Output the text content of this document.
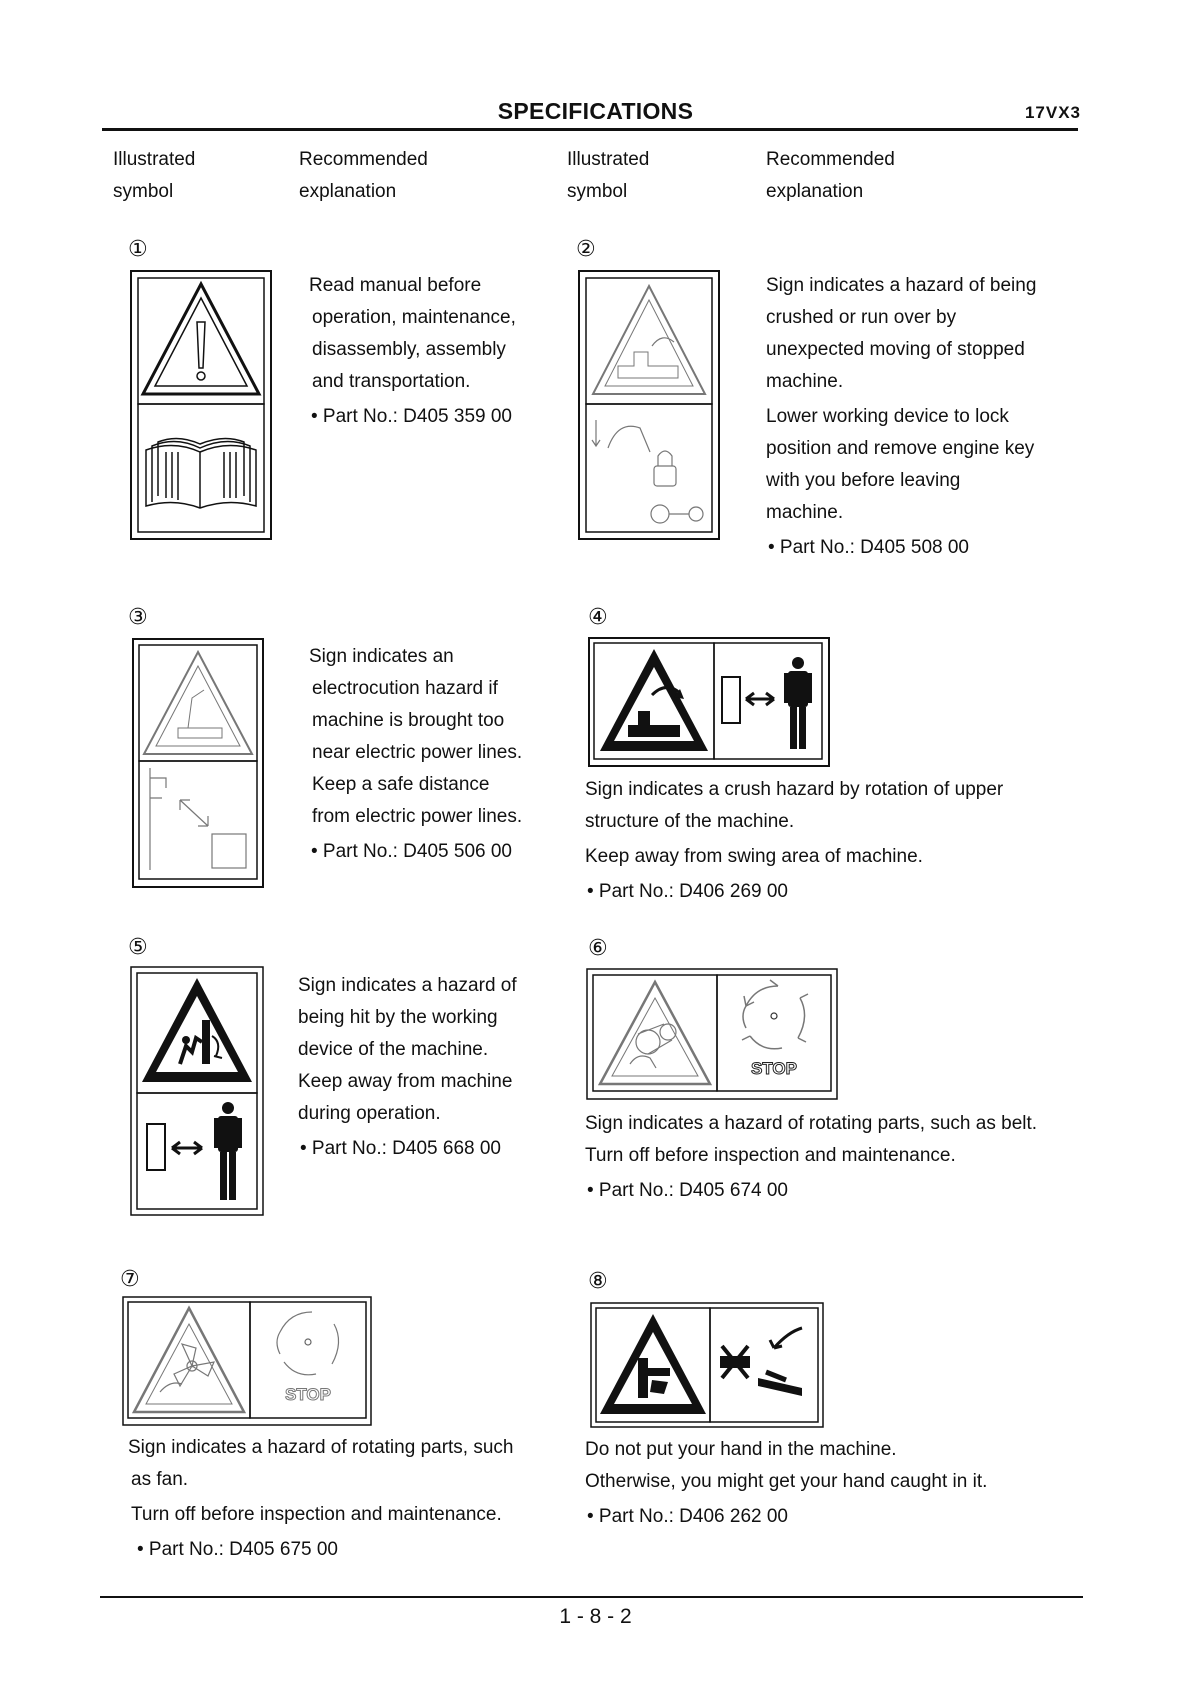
SPECIFICATIONS	17VX3
Illustrated
symbol
Recommended
explanation
Illustrated
symbol
Recommended
explanation
①

Read manual before

operation, maintenance,

disassembly, assembly

and transportation.

• Part No.: D405 359 00

②

Sign indicates a hazard of being

crushed or run over by

unexpected moving of stopped

machine.

Lower working device to lock

position and remove engine key

with you before leaving

machine.

• Part No.: D405 508 00

③

Sign indicates an

electrocution hazard if

machine is brought too

near electric power lines.

Keep a safe distance

from electric power lines.

• Part No.: D405 506 00

④

Sign indicates a crush hazard by rotation of upper

structure of the machine.

Keep away from swing area of machine.

• Part No.: D406 269 00

⑤

Sign indicates a hazard of

being hit by the working

device of the machine.

Keep away from machine

during operation.

• Part No.: D405 668 00

⑥
STOP

Sign indicates a hazard of rotating parts, such as belt.

Turn off before inspection and maintenance.

• Part No.: D405 674 00

⑦
STOP

Sign indicates a hazard of rotating parts, such

as fan.

Turn off before inspection and maintenance.

• Part No.: D405 675 00

⑧

Do not put your hand in the machine.

Otherwise, you might get your hand caught in it.

• Part No.: D406 262 00

1 - 8 - 2
